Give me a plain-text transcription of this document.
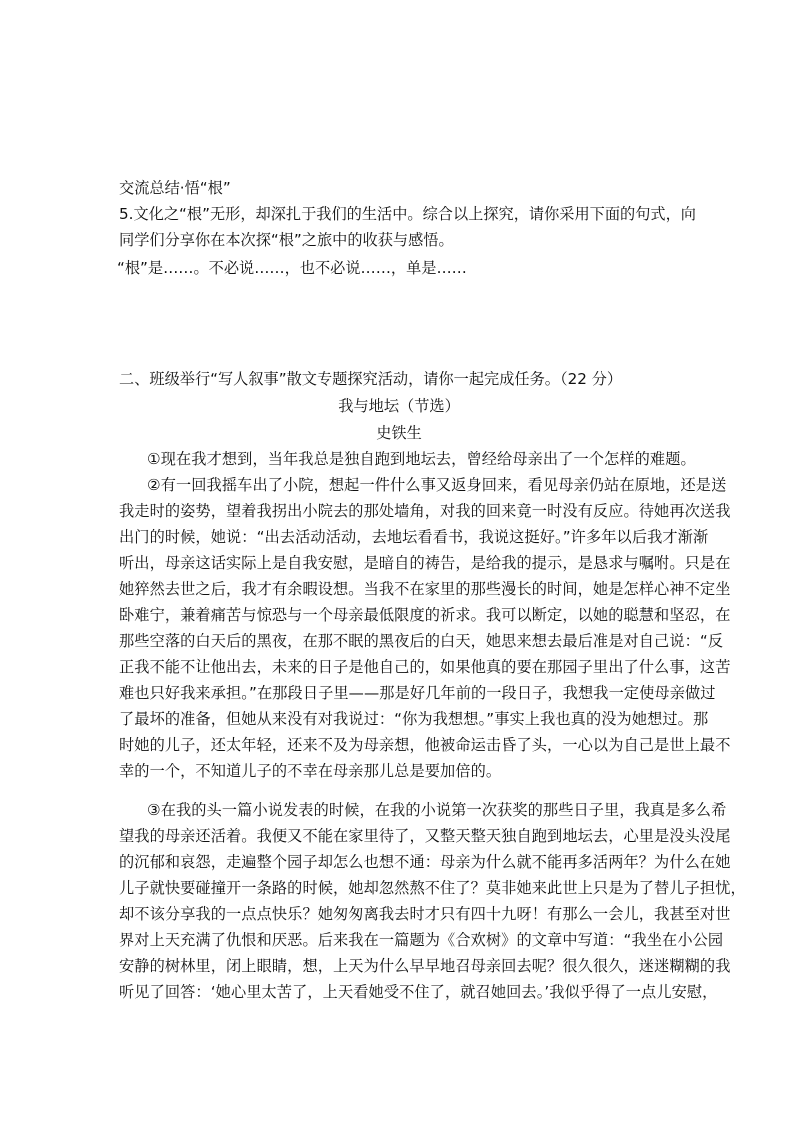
交流总结·悟“根”
5.文化之“根”无形，却深扎于我们的生活中。综合以上探究，请你采用下面的句式，向
同学们分享你在本次探“根”之旅中的收获与感悟。
“根”是……。不必说……，也不必说……，单是……
二、班级举行“写人叙事”散文专题探究活动，请你一起完成任务。（22 分）
我与地坛（节选）
史铁生
①现在我才想到，当年我总是独自跑到地坛去，曾经给母亲出了一个怎样的难题。
②有一回我摇车出了小院，想起一件什么事又返身回来，看见母亲仍站在原地，还是送
我走时的姿势，望着我拐出小院去的那处墙角，对我的回来竟一时没有反应。待她再次送我
出门的时候，她说：“出去活动活动，去地坛看看书，我说这挺好。”许多年以后我才渐渐
听出，母亲这话实际上是自我安慰，是暗自的祷告，是给我的提示，是恳求与嘱咐。只是在
她猝然去世之后，我才有余暇设想。当我不在家里的那些漫长的时间，她是怎样心神不定坐
卧难宁，兼着痛苦与惊恐与一个母亲最低限度的祈求。我可以断定，以她的聪慧和坚忍，在
那些空落的白天后的黑夜，在那不眠的黑夜后的白天，她思来想去最后准是对自己说：“反
正我不能不让他出去，未来的日子是他自己的，如果他真的要在那园子里出了什么事，这苦
难也只好我来承担。”在那段日子里——那是好几年前的一段日子，我想我一定使母亲做过
了最坏的准备，但她从来没有对我说过：“你为我想想。”事实上我也真的没为她想过。那
时她的儿子，还太年轻，还来不及为母亲想，他被命运击昏了头，一心以为自己是世上最不
幸的一个，不知道儿子的不幸在母亲那儿总是要加倍的。
③在我的头一篇小说发表的时候，在我的小说第一次获奖的那些日子里，我真是多么希
望我的母亲还活着。我便又不能在家里待了，又整天整天独自跑到地坛去，心里是没头没尾
的沉郁和哀怨，走遍整个园子却怎么也想不通：母亲为什么就不能再多活两年？为什么在她
儿子就快要碰撞开一条路的时候，她却忽然熬不住了？莫非她来此世上只是为了替儿子担忧，
却不该分享我的一点点快乐？她匆匆离我去时才只有四十九呀！有那么一会儿，我甚至对世
界对上天充满了仇恨和厌恶。后来我在一篇题为《合欢树》的文章中写道：“我坐在小公园
安静的树林里，闭上眼睛，想，上天为什么早早地召母亲回去呢？很久很久，迷迷糊糊的我
听见了回答：‘她心里太苦了，上天看她受不住了，就召她回去。’我似乎得了一点儿安慰，
